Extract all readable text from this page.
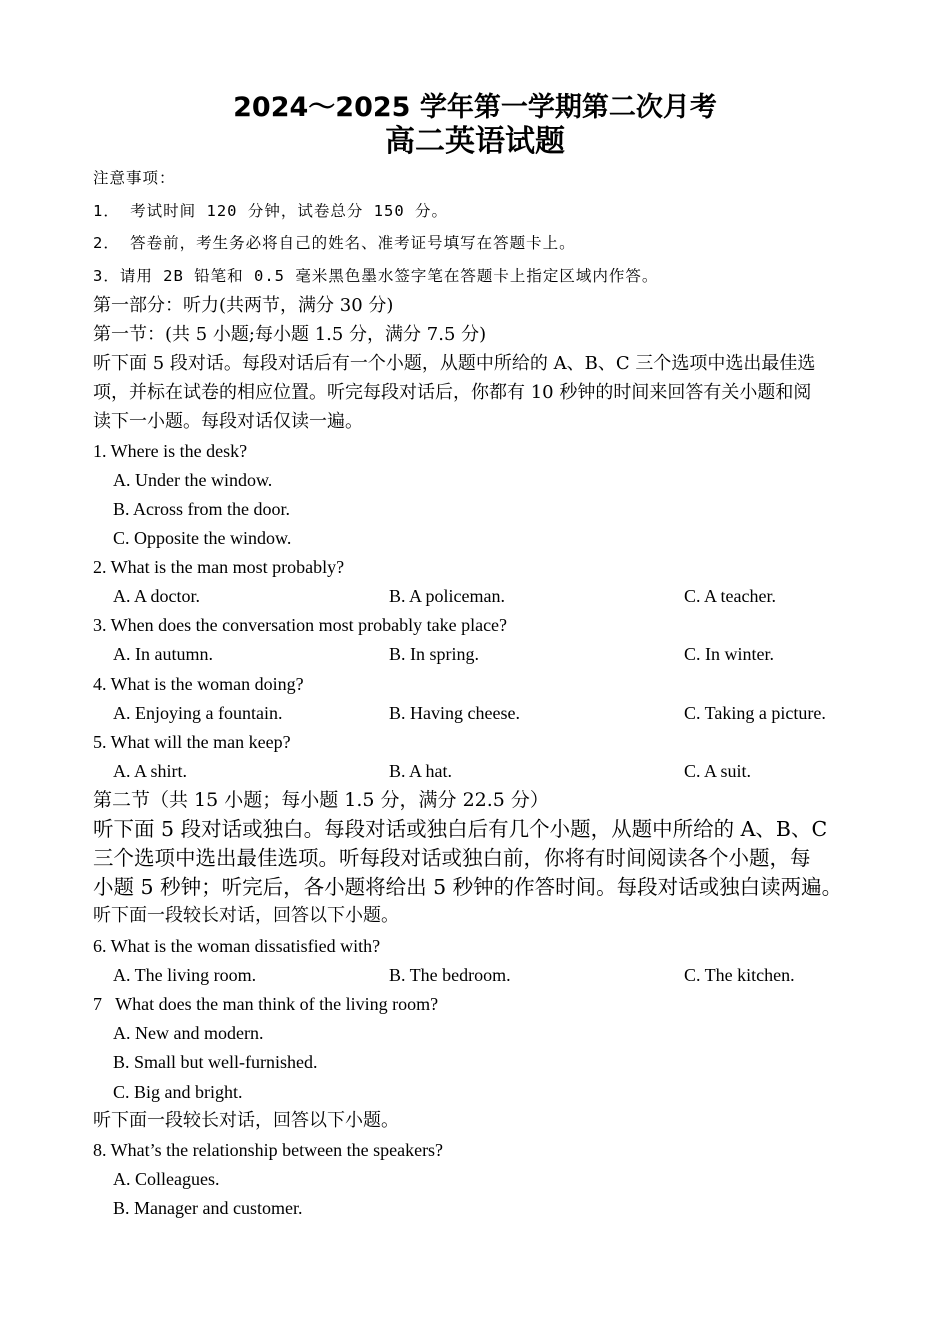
2024～2025 学年第一学期第二次月考
高二英语试题
注意事项：
1． 考试时间 120 分钟，试卷总分 150 分。
2． 答卷前，考生务必将自己的姓名、准考证号填写在答题卡上。
3．请用 2B 铅笔和 0.5 毫米黑色墨水签字笔在答题卡上指定区域内作答。
第一部分：听力(共两节，满分 30 分)
第一节：(共 5 小题;每小题 1.5 分，满分 7.5 分)
听下面 5 段对话。每段对话后有一个小题，从题中所给的 A、B、C 三个选项中选出最佳选
项，并标在试卷的相应位置。听完每段对话后，你都有 10 秒钟的时间来回答有关小题和阅
读下一小题。每段对话仅读一遍。
1. Where is the desk?
A. Under the window.
B. Across from the door.
C. Opposite the window.
2. What is the man most probably?
A. A doctor.	B. A policeman.	C. A teacher.
3. When does the conversation most probably take place?
A. In autumn.	B. In spring.	C. In winter.
4. What is the woman doing?
A. Enjoying a fountain.	B. Having cheese.	C. Taking a picture.
5. What will the man keep?
A. A shirt.	B. A hat.	C. A suit.
第二节（共 15 小题；每小题 1.5 分，满分 22.5 分）
听下面 5 段对话或独白。每段对话或独白后有几个小题，从题中所给的 A、B、C
三个选项中选出最佳选项。听每段对话或独白前，你将有时间阅读各个小题，每
小题 5 秒钟；听完后，各小题将给出 5 秒钟的作答时间。每段对话或独白读两遍。
听下面一段较长对话，回答以下小题。
6. What is the woman dissatisfied with?
A. The living room.	B. The bedroom.	C. The kitchen.
7   What does the man think of the living room?
A. New and modern.
B. Small but well-furnished.
C. Big and bright.
听下面一段较长对话，回答以下小题。
8. What’s the relationship between the speakers?
A. Colleagues.
B. Manager and customer.
